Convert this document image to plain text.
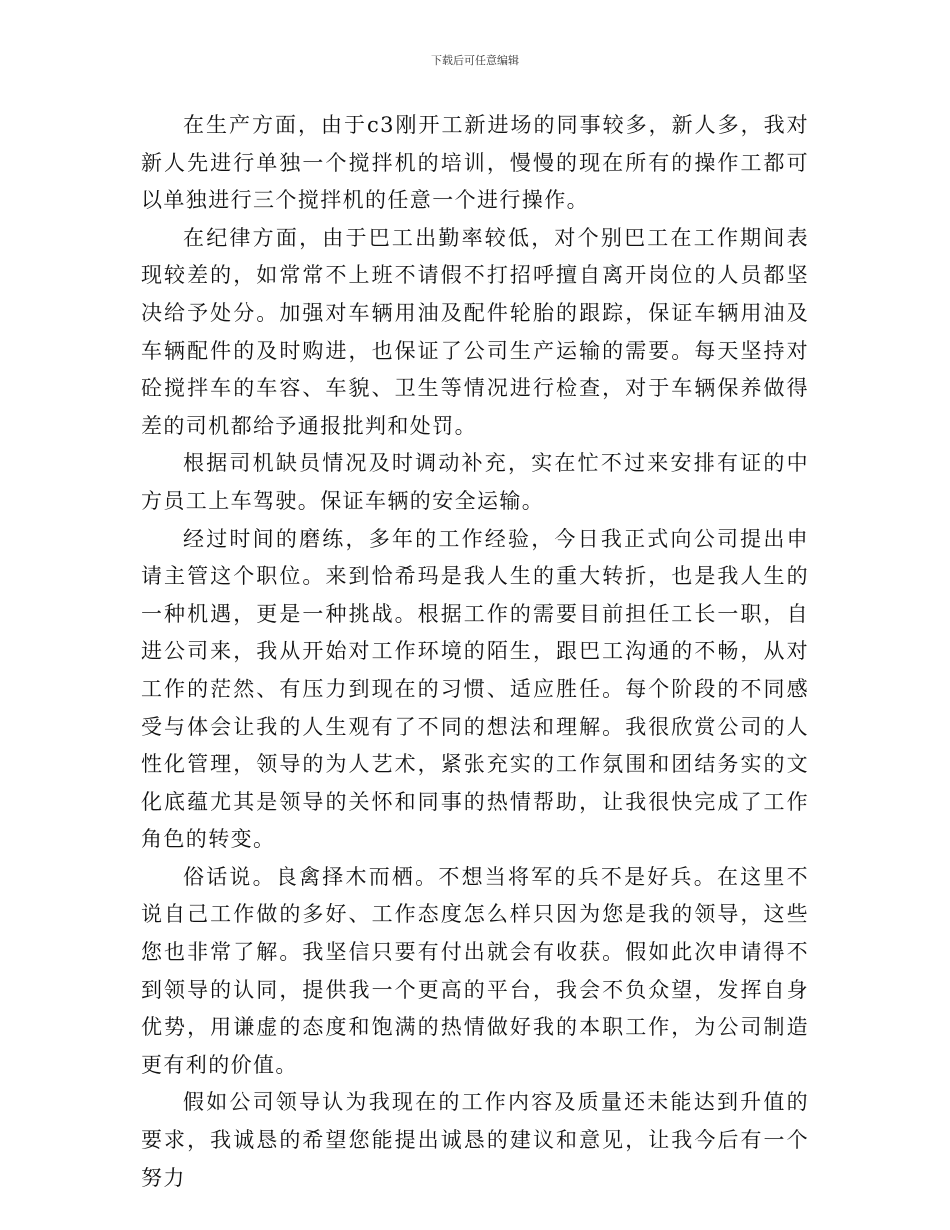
下载后可任意编辑

在生产方面，由于c3刚开工新进场的同事较多，新人多，我对新人先进行单独一个搅拌机的培训，慢慢的现在所有的操作工都可以单独进行三个搅拌机的任意一个进行操作。

在纪律方面，由于巴工出勤率较低，对个别巴工在工作期间表现较差的，如常常不上班不请假不打招呼擅自离开岗位的人员都坚决给予处分。加强对车辆用油及配件轮胎的跟踪，保证车辆用油及车辆配件的及时购进，也保证了公司生产运输的需要。每天坚持对砼搅拌车的车容、车貌、卫生等情况进行检查，对于车辆保养做得差的司机都给予通报批判和处罚。

根据司机缺员情况及时调动补充，实在忙不过来安排有证的中方员工上车驾驶。保证车辆的安全运输。

经过时间的磨练，多年的工作经验，今日我正式向公司提出申请主管这个职位。来到恰希玛是我人生的重大转折，也是我人生的一种机遇，更是一种挑战。根据工作的需要目前担任工长一职，自进公司来，我从开始对工作环境的陌生，跟巴工沟通的不畅，从对工作的茫然、有压力到现在的习惯、适应胜任。每个阶段的不同感受与体会让我的人生观有了不同的想法和理解。我很欣赏公司的人性化管理，领导的为人艺术，紧张充实的工作氛围和团结务实的文化底蕴尤其是领导的关怀和同事的热情帮助，让我很快完成了工作角色的转变。

俗话说。良禽择木而栖。不想当将军的兵不是好兵。在这里不说自己工作做的多好、工作态度怎么样只因为您是我的领导，这些您也非常了解。我坚信只要有付出就会有收获。假如此次申请得不到领导的认同，提供我一个更高的平台，我会不负众望，发挥自身优势，用谦虚的态度和饱满的热情做好我的本职工作，为公司制造更有利的价值。

假如公司领导认为我现在的工作内容及质量还未能达到升值的要求，我诚恳的希望您能提出诚恳的建议和意见，让我今后有一个努力
